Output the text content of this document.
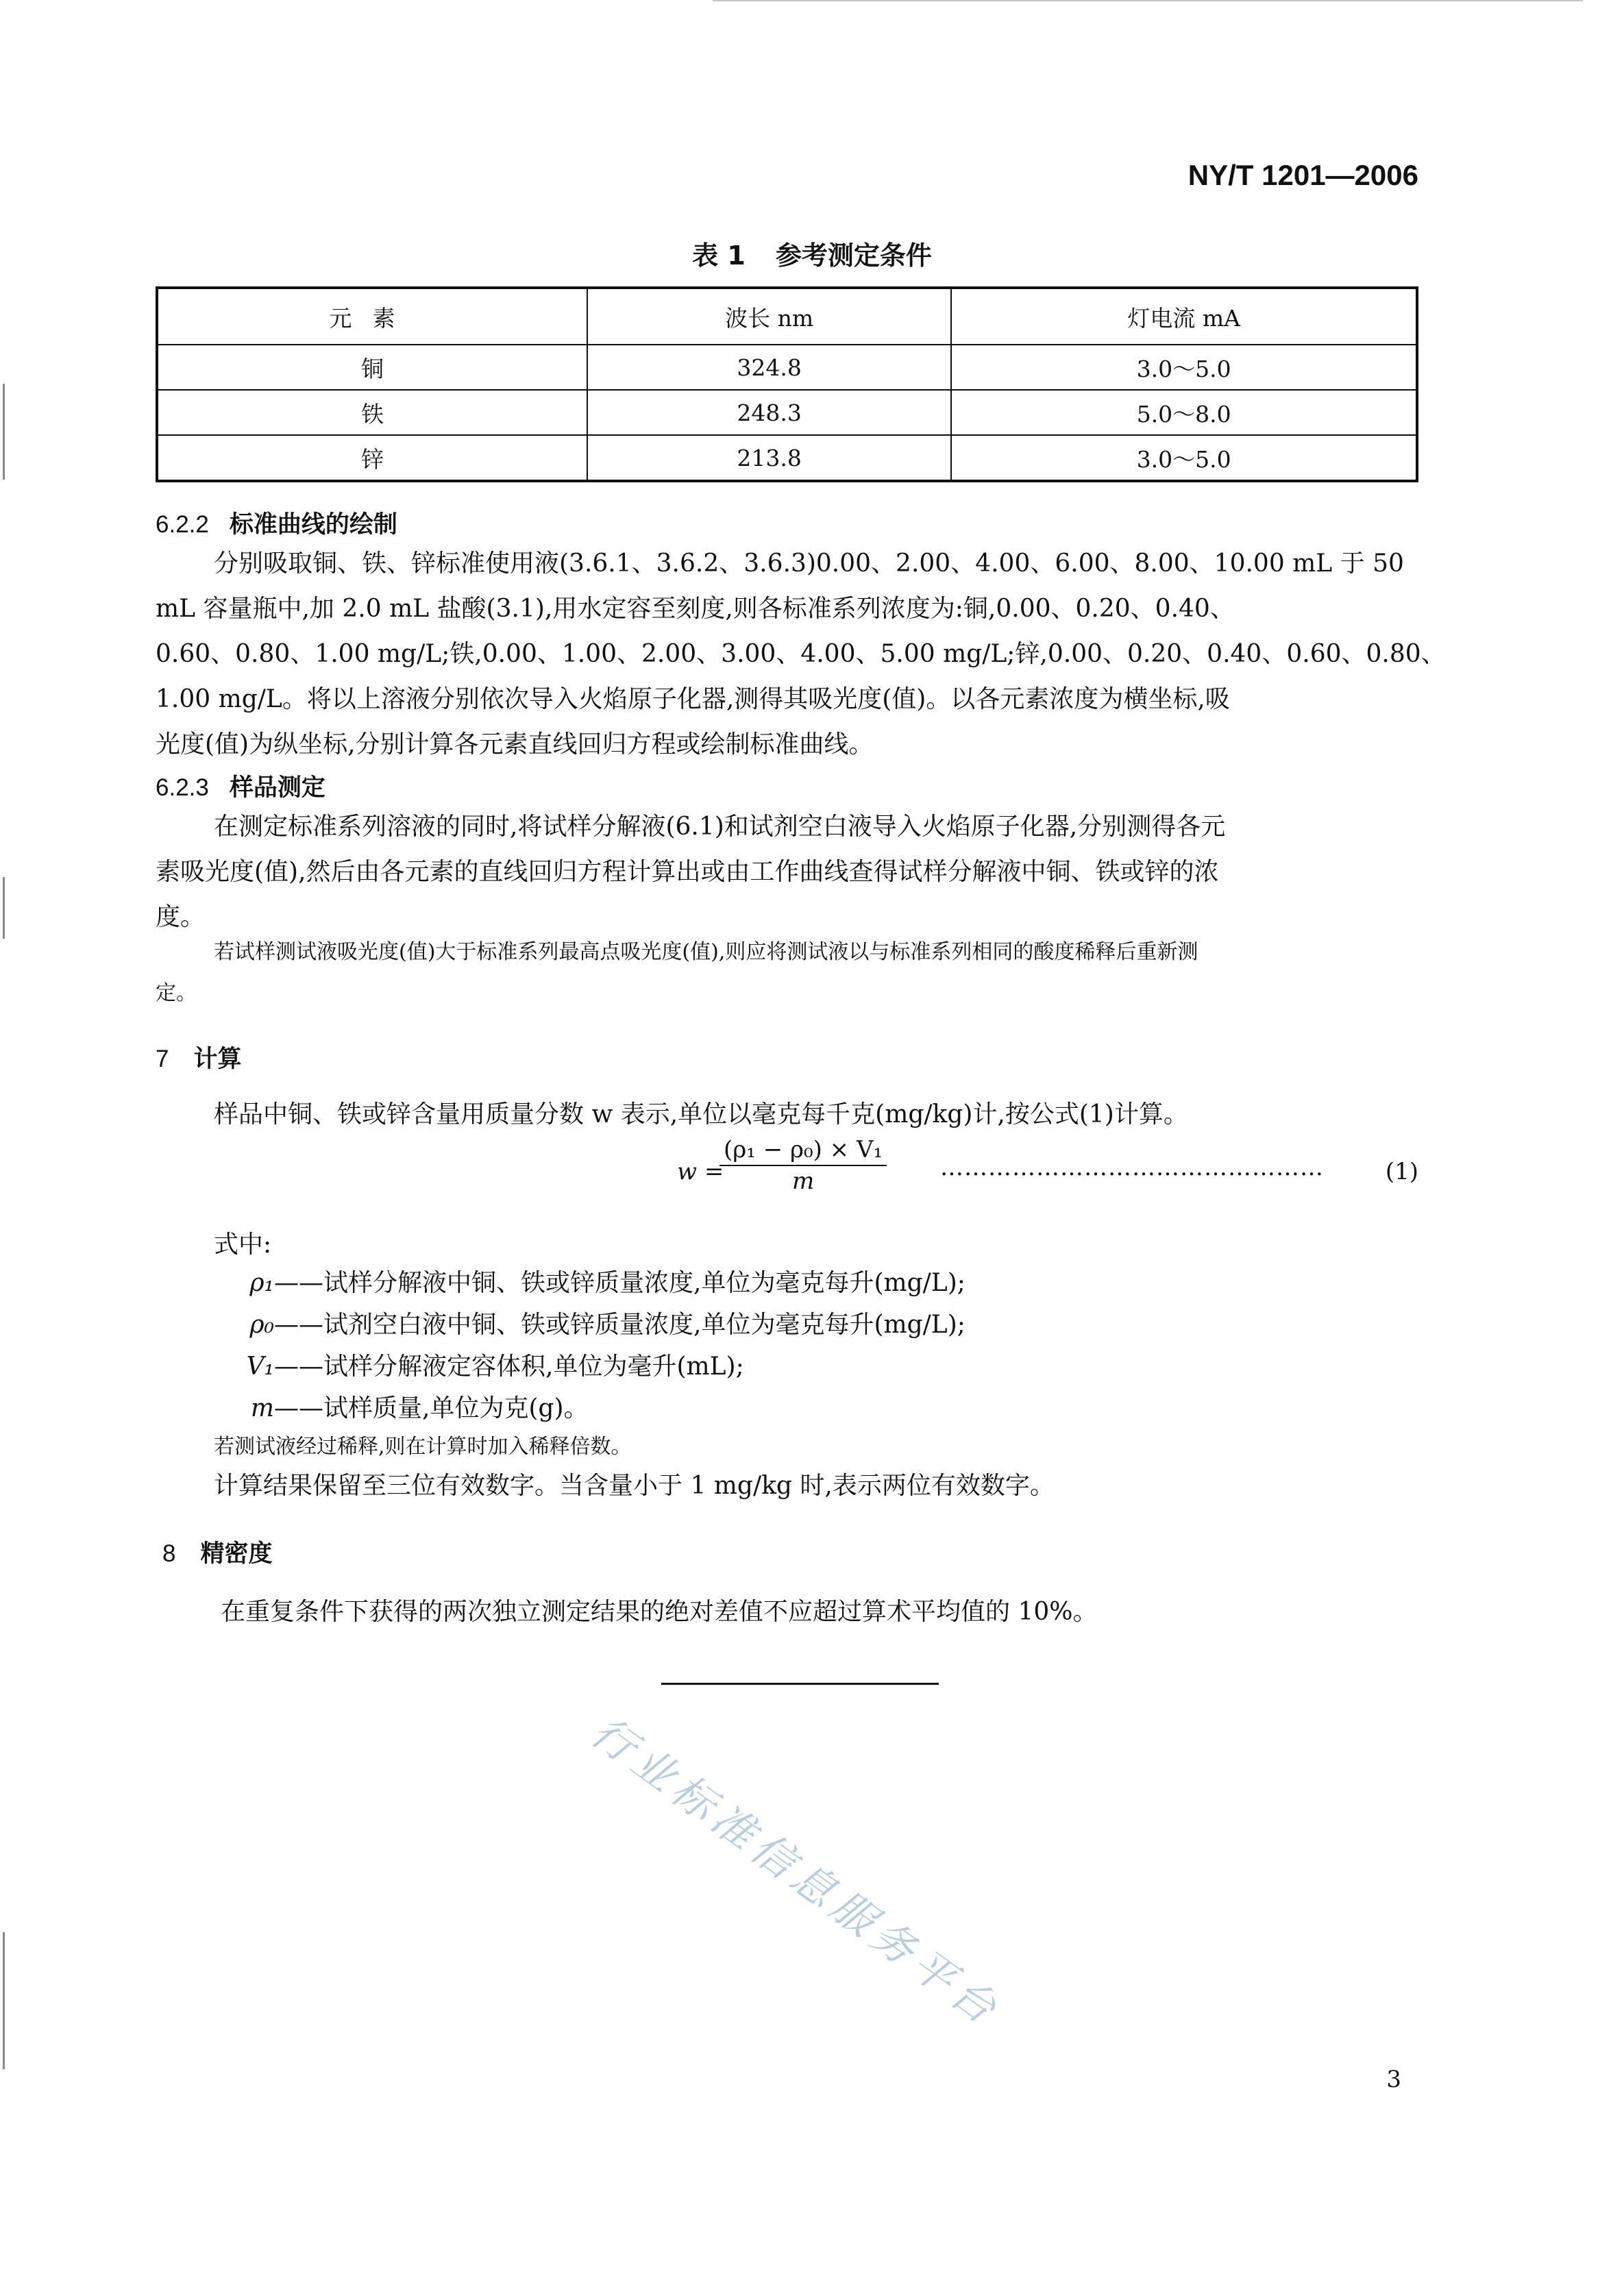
NY/T 1201—2006
表 1 参考测定条件
元素	波长 nm	灯电流 mA
铜	324.8	3.0～5.0
铁	248.3	5.0～8.0
锌	213.8	3.0～5.0
6.2.2 标准曲线的绘制
分别吸取铜、铁、锌标准使用液(3.6.1、3.6.2、3.6.3)0.00、2.00、4.00、6.00、8.00、10.00 mL 于 50
mL 容量瓶中,加 2.0 mL 盐酸(3.1),用水定容至刻度,则各标准系列浓度为:铜,0.00、0.20、0.40、
0.60、0.80、1.00 mg/L;铁,0.00、1.00、2.00、3.00、4.00、5.00 mg/L;锌,0.00、0.20、0.40、0.60、0.80、
1.00 mg/L。将以上溶液分别依次导入火焰原子化器,测得其吸光度(值)。以各元素浓度为横坐标,吸
光度(值)为纵坐标,分别计算各元素直线回归方程或绘制标准曲线。
6.2.3 样品测定
在测定标准系列溶液的同时,将试样分解液(6.1)和试剂空白液导入火焰原子化器,分别测得各元
素吸光度(值),然后由各元素的直线回归方程计算出或由工作曲线查得试样分解液中铜、铁或锌的浓
度。
若试样测试液吸光度(值)大于标准系列最高点吸光度(值),则应将测试液以与标准系列相同的酸度稀释后重新测
定。
7 计算
样品中铜、铁或锌含量用质量分数 w 表示,单位以毫克每千克(mg/kg)计,按公式(1)计算。
w =
$\frac{\text{(ρ₁ − ρ₀) × V₁}}{m}$ …………………………………………	(1)
式中:
ρ₁——试样分解液中铜、铁或锌质量浓度,单位为毫克每升(mg/L);
ρ₀——试剂空白液中铜、铁或锌质量浓度,单位为毫克每升(mg/L);
V₁——试样分解液定容体积,单位为毫升(mL);
m——试样质量,单位为克(g)。
若测试液经过稀释,则在计算时加入稀释倍数。
计算结果保留至三位有效数字。当含量小于 1 mg/kg 时,表示两位有效数字。
8 精密度
在重复条件下获得的两次独立测定结果的绝对差值不应超过算术平均值的 10%。
行业标准信息服务平台
3
